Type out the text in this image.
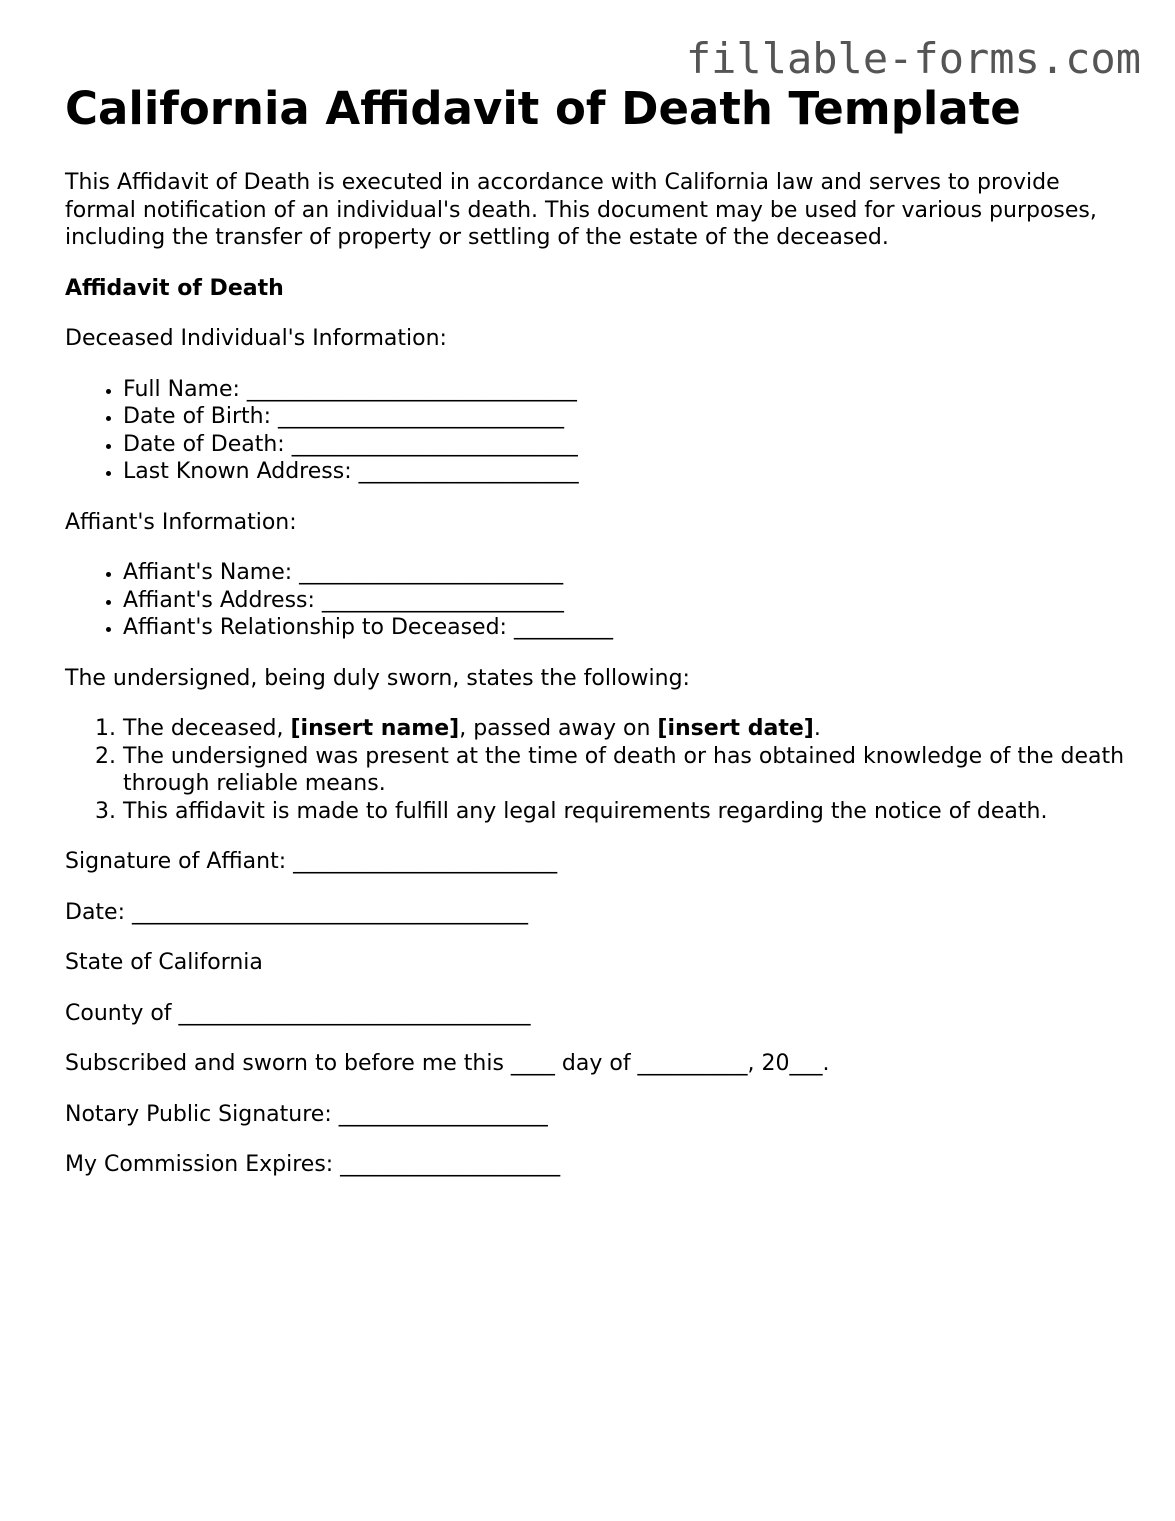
fillable-forms.com
California Affidavit of Death Template

This Affidavit of Death is executed in accordance with California law and serves to provide formal notification of an individual's death. This document may be used for various purposes, including the transfer of property or settling of the estate of the deceased.

Affidavit of Death

Deceased Individual's Information:

• Full Name: ______________________________
• Date of Birth: __________________________
• Date of Death: __________________________
• Last Known Address: ____________________

Affiant's Information:

• Affiant's Name: ________________________
• Affiant's Address: ______________________
• Affiant's Relationship to Deceased: _________

The undersigned, being duly sworn, states the following:

1. The deceased, [insert name], passed away on [insert date].
2. The undersigned was present at the time of death or has obtained knowledge of the death through reliable means.
3. This affidavit is made to fulfill any legal requirements regarding the notice of death.

Signature of Affiant: ________________________

Date: ____________________________________

State of California

County of ________________________________

Subscribed and sworn to before me this ____ day of __________, 20___.

Notary Public Signature: ___________________

My Commission Expires: ____________________
